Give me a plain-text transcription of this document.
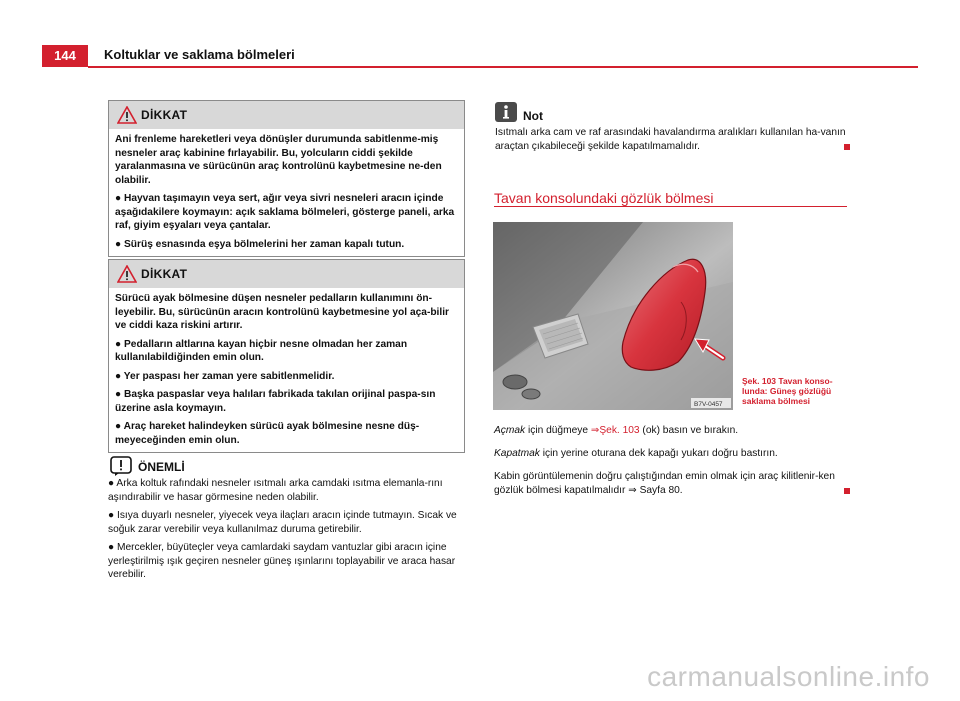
144	Koltuklar ve saklama bölmeleri
DİKKAT

Ani frenleme hareketleri veya dönüşler durumunda sabitlenme-miş nesneler araç kabinine fırlayabilir. Bu, yolcuların ciddi şekilde yaralanmasına ve sürücünün araç kontrolünü kaybetmesine ne-den olabilir.

● Hayvan taşımayın veya sert, ağır veya sivri nesneleri aracın içinde aşağıdakilere koymayın: açık saklama bölmeleri, gösterge paneli, arka raf, giyim eşyaları veya çantalar.

● Sürüş esnasında eşya bölmelerini her zaman kapalı tutun.

DİKKAT

Sürücü ayak bölmesine düşen nesneler pedalların kullanımını ön-leyebilir. Bu, sürücünün aracın kontrolünü kaybetmesine yol aça-bilir ve ciddi kaza riskini artırır.

● Pedalların altlarına kayan hiçbir nesne olmadan her zaman kullanılabildiğinden emin olun.

● Yer paspası her zaman yere sabitlenmelidir.

● Başka paspaslar veya halıları fabrikada takılan orijinal paspa-sın üzerine asla koymayın.

● Araç hareket halindeyken sürücü ayak bölmesine nesne düş-meyeceğinden emin olun.

ÖNEMLİ

● Arka koltuk rafındaki nesneler ısıtmalı arka camdaki ısıtma elemanla-rını aşındırabilir ve hasar görmesine neden olabilir.

● Isıya duyarlı nesneler, yiyecek veya ilaçları aracın içinde tutmayın. Sıcak ve soğuk zarar verebilir veya kullanılmaz duruma getirebilir.

● Mercekler, büyüteçler veya camlardaki saydam vantuzlar gibi aracın içine yerleştirilmiş ışık geçiren nesneler güneş ışınlarını toplayabilir ve araca hasar verebilir.

Not
Isıtmalı arka cam ve raf arasındaki havalandırma aralıkları kullanılan ha-vanın araçtan çıkabileceği şekilde kapatılmamalıdır.
Tavan konsolundaki gözlük bölmesi
B7V-0457
Şek. 103 Tavan konso-lunda: Güneş gözlüğü saklama bölmesi
Açmak için düğmeye ⇒Şek. 103 (ok) basın ve bırakın.
Kapatmak için yerine oturana dek kapağı yukarı doğru bastırın.
Kabin görüntülemenin doğru çalıştığından emin olmak için araç kilitlenir-ken gözlük bölmesi kapatılmalıdır ⇒ Sayfa 80.
carmanualsonline.info
